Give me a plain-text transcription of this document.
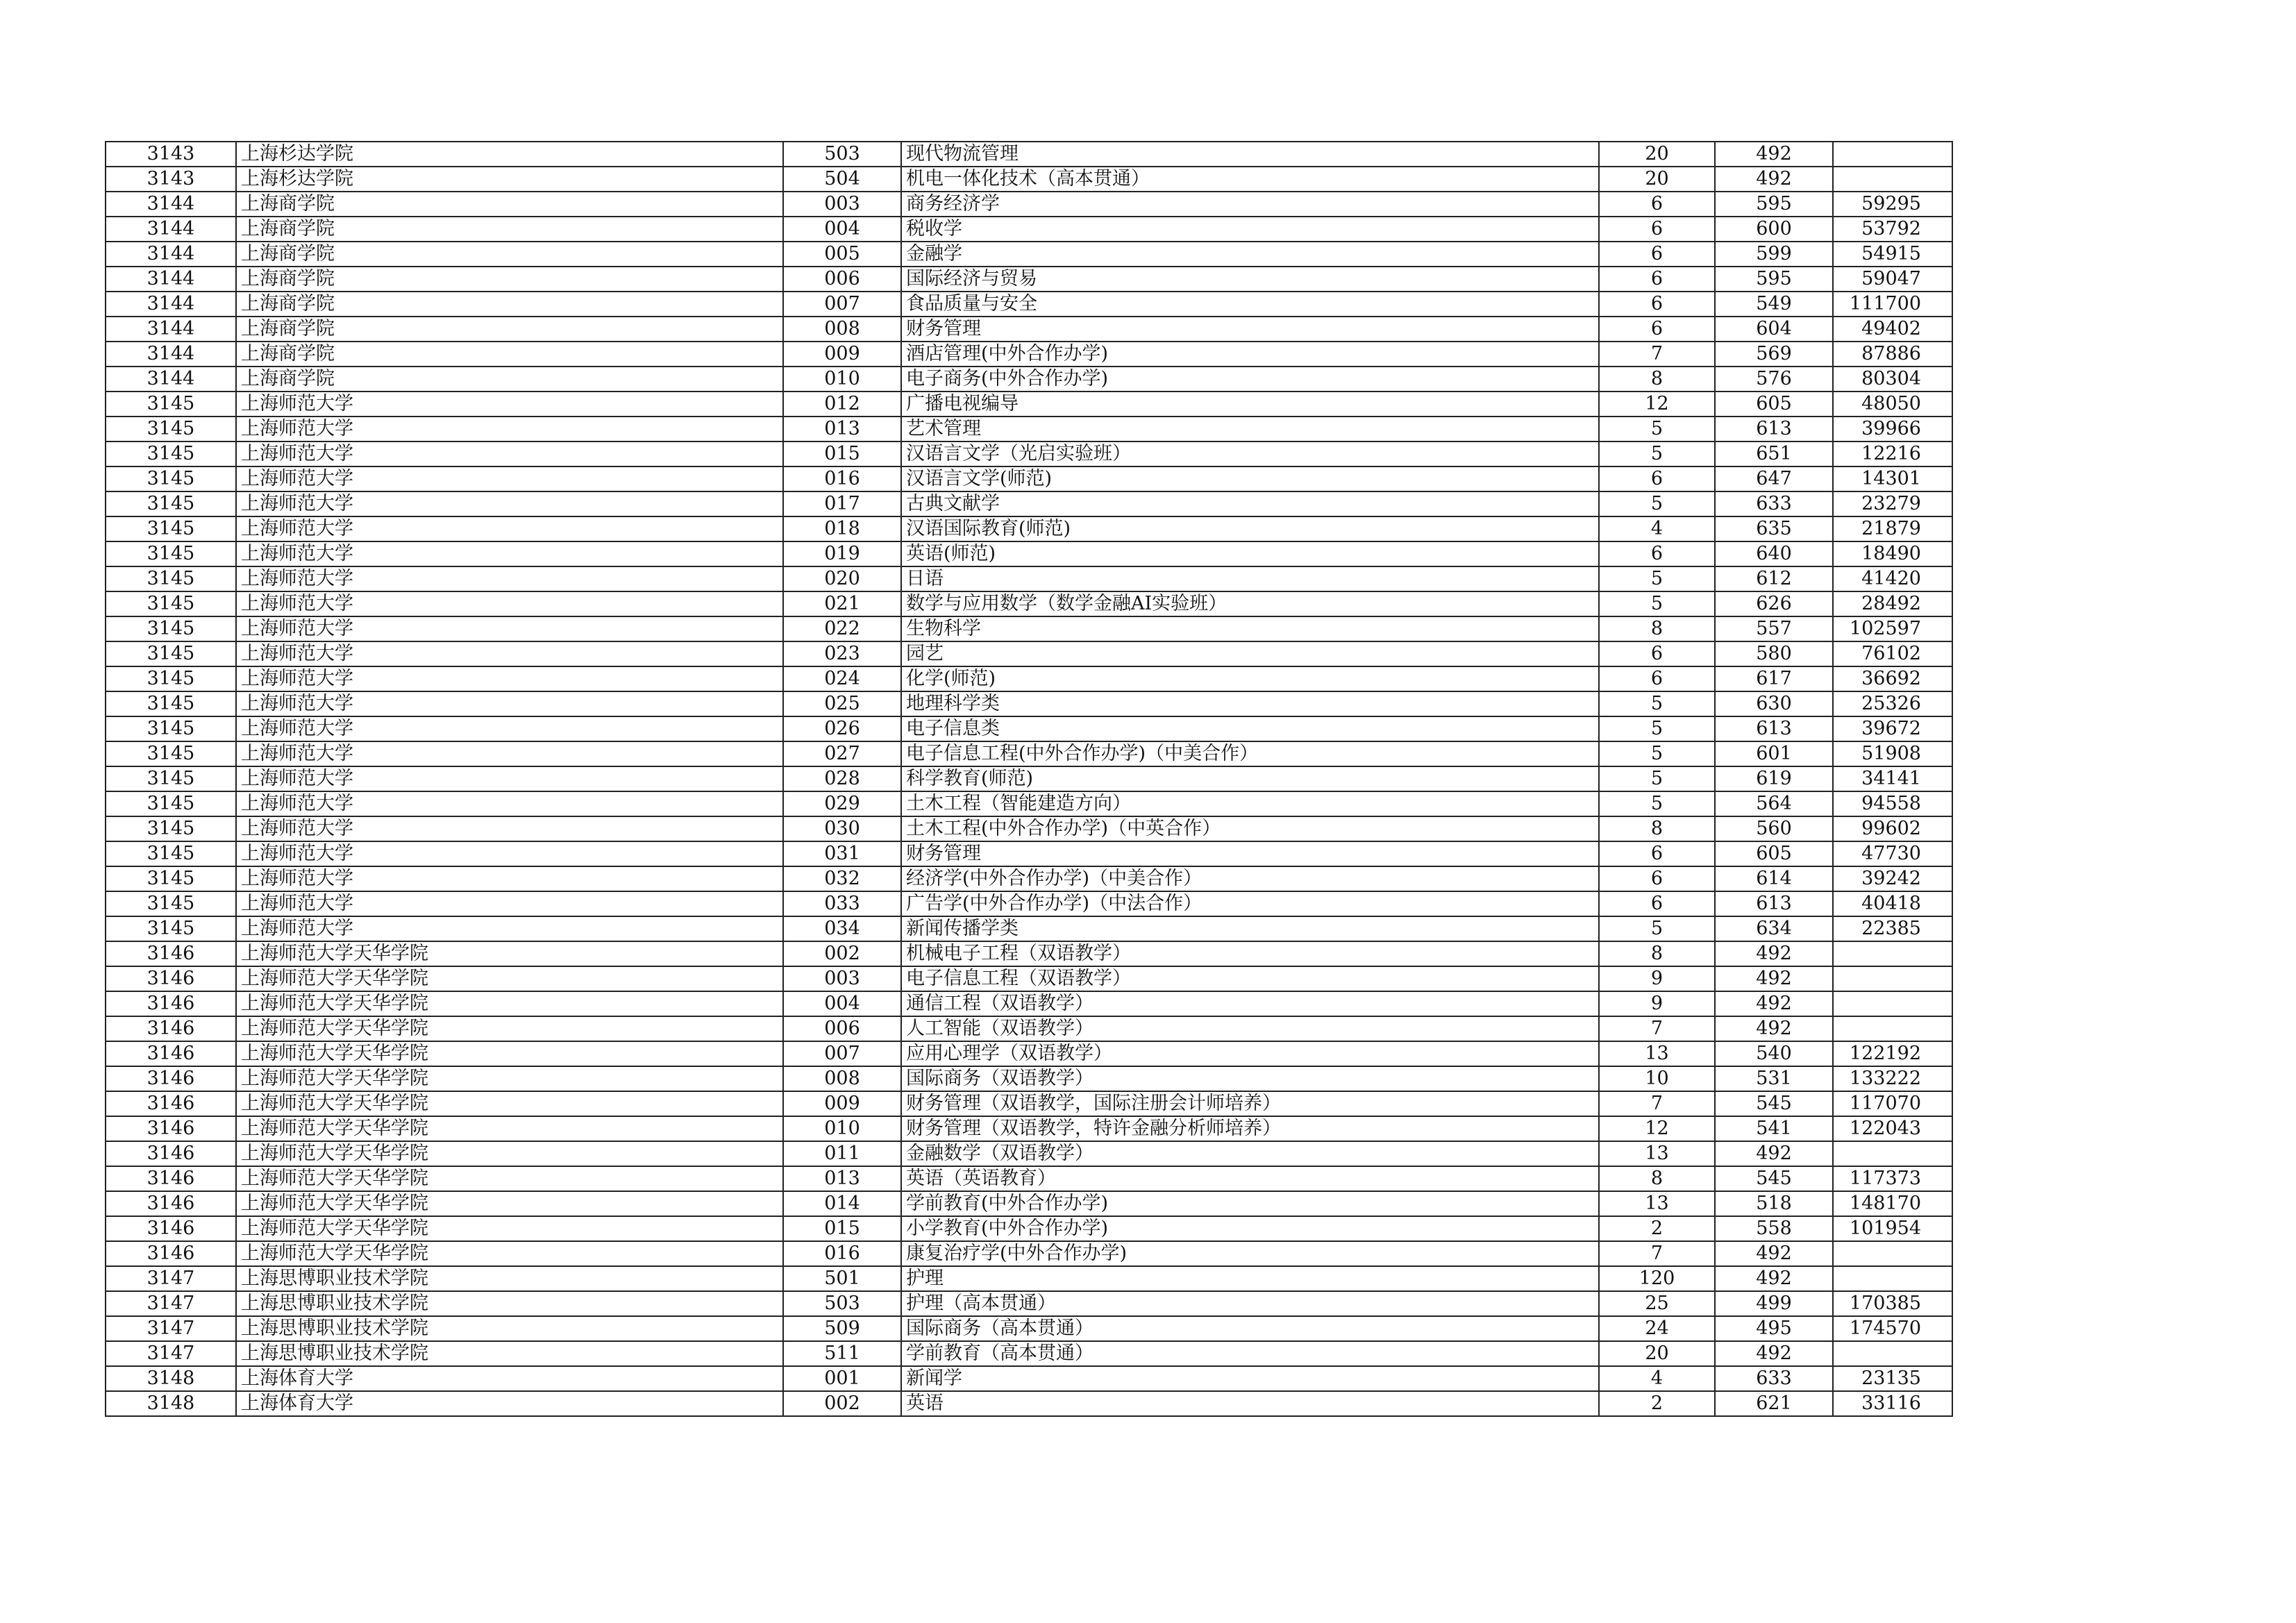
3143	上海杉达学院	503	现代物流管理	20	492	
3143	上海杉达学院	504	机电一体化技术（高本贯通）	20	492	
3144	上海商学院	003	商务经济学	6	595	59295
3144	上海商学院	004	税收学	6	600	53792
3144	上海商学院	005	金融学	6	599	54915
3144	上海商学院	006	国际经济与贸易	6	595	59047
3144	上海商学院	007	食品质量与安全	6	549	111700
3144	上海商学院	008	财务管理	6	604	49402
3144	上海商学院	009	酒店管理(中外合作办学)	7	569	87886
3144	上海商学院	010	电子商务(中外合作办学)	8	576	80304
3145	上海师范大学	012	广播电视编导	12	605	48050
3145	上海师范大学	013	艺术管理	5	613	39966
3145	上海师范大学	015	汉语言文学（光启实验班）	5	651	12216
3145	上海师范大学	016	汉语言文学(师范)	6	647	14301
3145	上海师范大学	017	古典文献学	5	633	23279
3145	上海师范大学	018	汉语国际教育(师范)	4	635	21879
3145	上海师范大学	019	英语(师范)	6	640	18490
3145	上海师范大学	020	日语	5	612	41420
3145	上海师范大学	021	数学与应用数学（数学金融AI实验班）	5	626	28492
3145	上海师范大学	022	生物科学	8	557	102597
3145	上海师范大学	023	园艺	6	580	76102
3145	上海师范大学	024	化学(师范)	6	617	36692
3145	上海师范大学	025	地理科学类	5	630	25326
3145	上海师范大学	026	电子信息类	5	613	39672
3145	上海师范大学	027	电子信息工程(中外合作办学)（中美合作）	5	601	51908
3145	上海师范大学	028	科学教育(师范)	5	619	34141
3145	上海师范大学	029	土木工程（智能建造方向）	5	564	94558
3145	上海师范大学	030	土木工程(中外合作办学)（中英合作）	8	560	99602
3145	上海师范大学	031	财务管理	6	605	47730
3145	上海师范大学	032	经济学(中外合作办学)（中美合作）	6	614	39242
3145	上海师范大学	033	广告学(中外合作办学)（中法合作）	6	613	40418
3145	上海师范大学	034	新闻传播学类	5	634	22385
3146	上海师范大学天华学院	002	机械电子工程（双语教学）	8	492	
3146	上海师范大学天华学院	003	电子信息工程（双语教学）	9	492	
3146	上海师范大学天华学院	004	通信工程（双语教学）	9	492	
3146	上海师范大学天华学院	006	人工智能（双语教学）	7	492	
3146	上海师范大学天华学院	007	应用心理学（双语教学）	13	540	122192
3146	上海师范大学天华学院	008	国际商务（双语教学）	10	531	133222
3146	上海师范大学天华学院	009	财务管理（双语教学，国际注册会计师培养）	7	545	117070
3146	上海师范大学天华学院	010	财务管理（双语教学，特许金融分析师培养）	12	541	122043
3146	上海师范大学天华学院	011	金融数学（双语教学）	13	492	
3146	上海师范大学天华学院	013	英语（英语教育）	8	545	117373
3146	上海师范大学天华学院	014	学前教育(中外合作办学)	13	518	148170
3146	上海师范大学天华学院	015	小学教育(中外合作办学)	2	558	101954
3146	上海师范大学天华学院	016	康复治疗学(中外合作办学)	7	492	
3147	上海思博职业技术学院	501	护理	120	492	
3147	上海思博职业技术学院	503	护理（高本贯通）	25	499	170385
3147	上海思博职业技术学院	509	国际商务（高本贯通）	24	495	174570
3147	上海思博职业技术学院	511	学前教育（高本贯通）	20	492	
3148	上海体育大学	001	新闻学	4	633	23135
3148	上海体育大学	002	英语	2	621	33116
